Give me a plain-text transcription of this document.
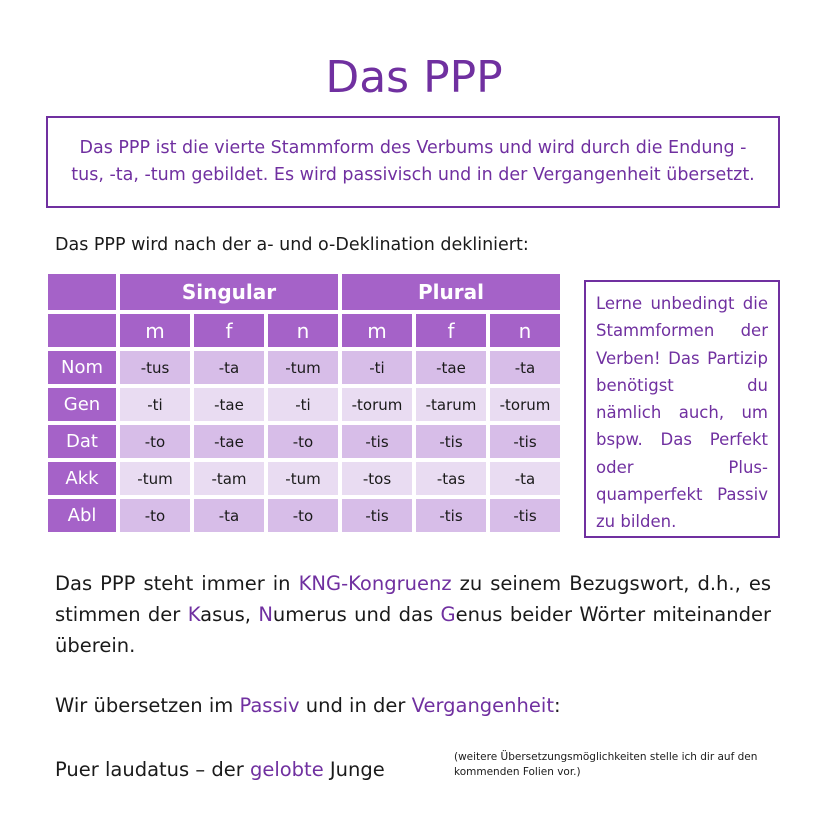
Das PPP
Das PPP ist die vierte Stammform des Verbums und wird durch die Endung -tus, -ta, -tum gebildet. Es wird passivisch und in der Vergangenheit übersetzt.
Das PPP wird nach der a- und o-Deklination dekliniert:
	Singular			Plural		
	m	f	n	m	f	n
Nom	-tus	-ta	-tum	-ti	-tae	-ta
Gen	-ti	-tae	-ti	-torum	-tarum	-torum
Dat	-to	-tae	-to	-tis	-tis	-tis
Akk	-tum	-tam	-tum	-tos	-tas	-ta
Abl	-to	-ta	-to	-tis	-tis	-tis
Lerne unbedingt die Stammformen der Verben! Das Partizip benötigst du nämlich auch, um bspw. Das Perfekt oder Plusquamperfekt Passiv zu bilden.
Das PPP steht immer in KNG-Kongruenz zu seinem Bezugswort, d.h., es stimmen der Kasus, Numerus und das Genus beider Wörter miteinander überein.
Wir übersetzen im Passiv und in der Vergangenheit:
Puer laudatus – der gelobte Junge
(weitere Übersetzungsmöglichkeiten stelle ich dir auf den kommenden Folien vor.)
